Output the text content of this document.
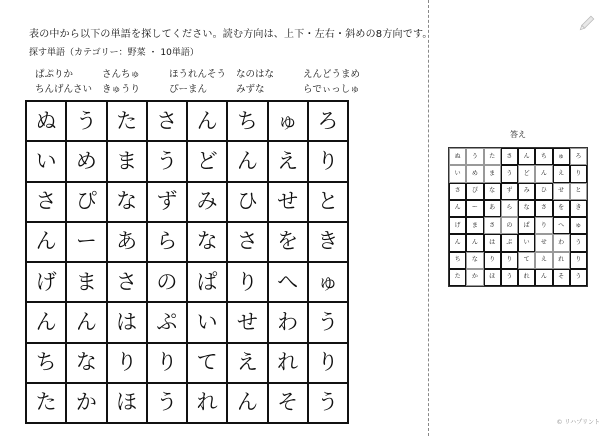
表の中から以下の単語を探してください。読む方向は、上下・左右・斜めの8方向です。
探す単語（カテゴリー：野菜 ・ 10単語）
ぱぷりか	さんちゅ	ほうれんそう なのはな	えんどうまめ
ちんげんさい きゅうり	ぴーまん	みずな	らでぃっしゅ
ぬ う た さ ん ち ゅ ろ
い め ま う ど ん え り
さ ぴ な ず み ひ せ と
ん ー あ ら な さ を き
げ ま さ の ぱ り へ ゅ
ん ん は ぷ い せ わ う
ち な り り て え れ り
た か ほ う れ ん そ う
答え
ぬ	う	た	さ	ん	ち	ゅ	ろ
い	め	ま	う	ど	ん	え	り
さ	ぴ	な	ず	み	ひ	せ	と
ん	ー	あ	ら	な	さ	を	き
げ	ま	さ	の	ぱ	り	へ	ゅ
ん	ん	は	ぷ	い	せ	わ	う
ち	な	り	り	て	え	れ	り
た	か	ほ	う	れ	ん	そ	う
© リハプリント
